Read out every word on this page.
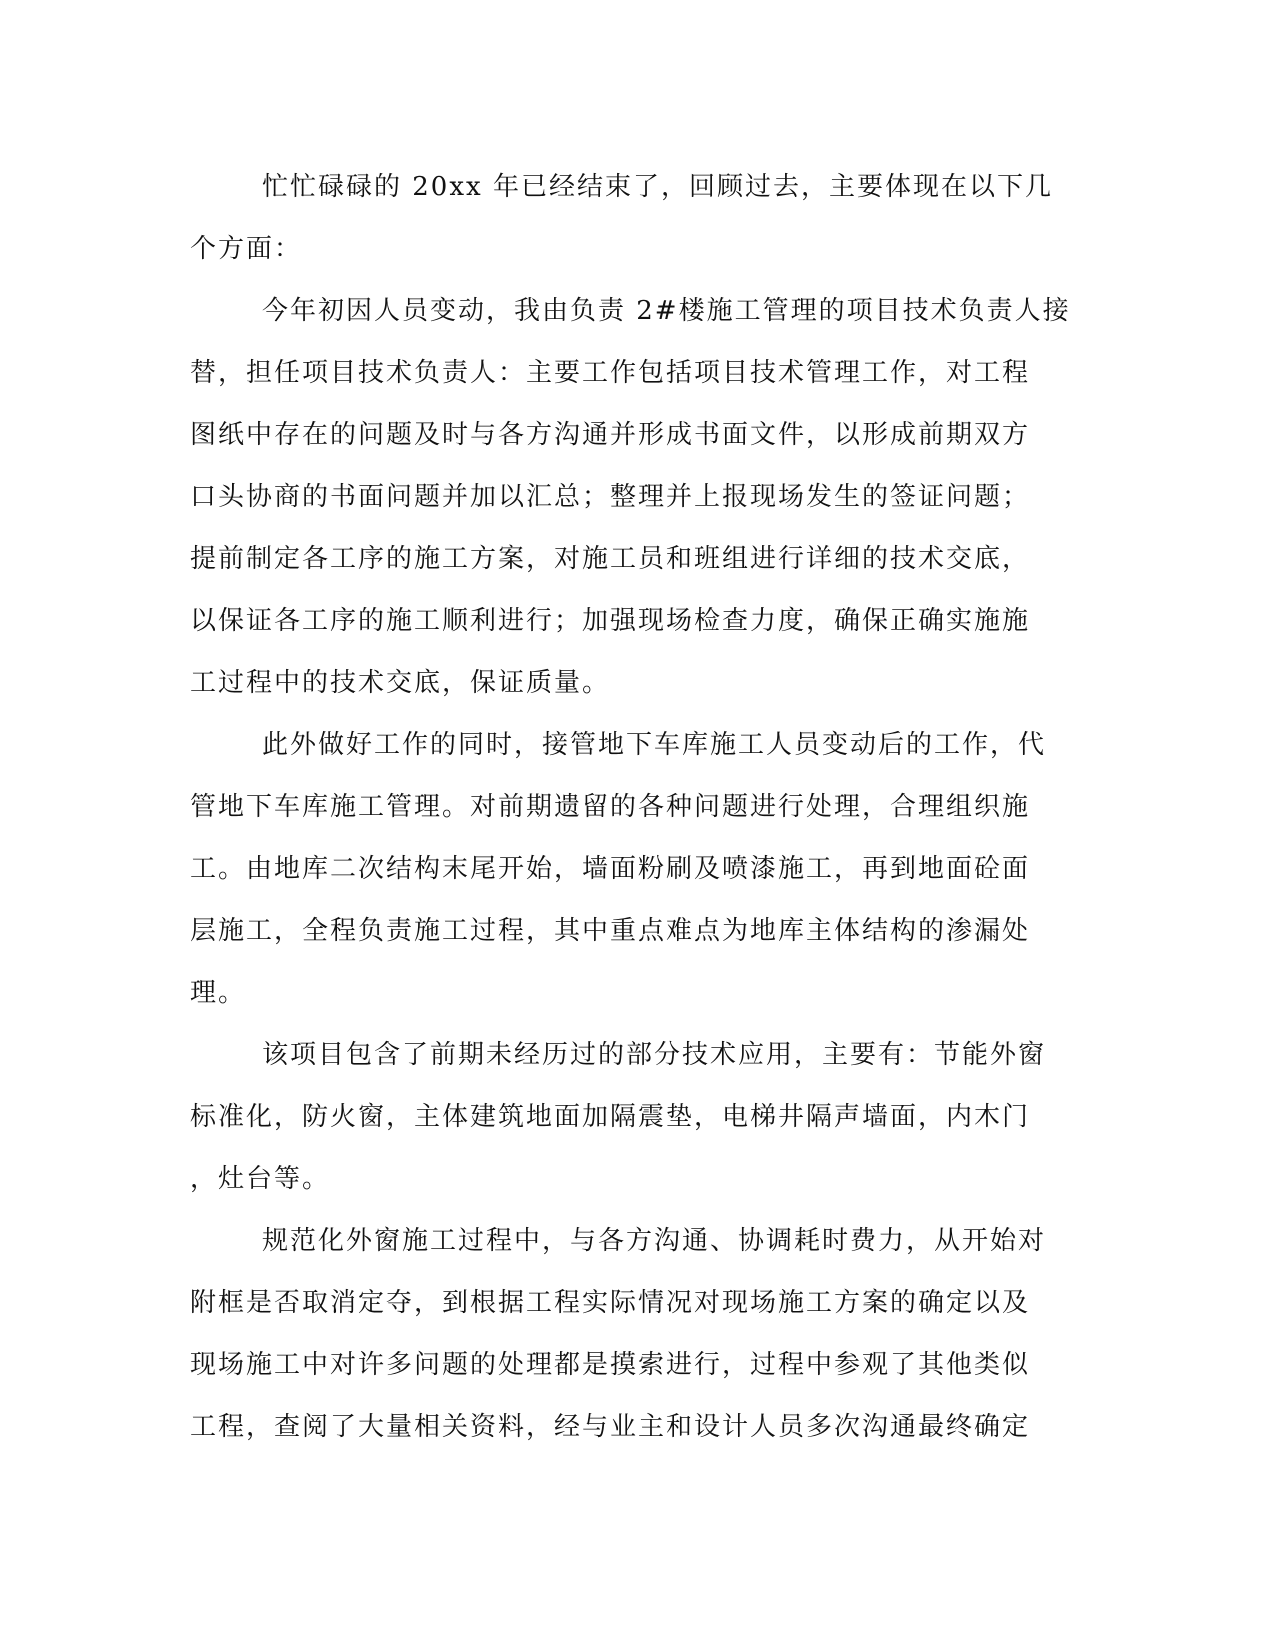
忙忙碌碌的 20xx 年已经结束了，回顾过去，主要体现在以下几
个方面：
今年初因人员变动，我由负责 2#楼施工管理的项目技术负责人接
替，担任项目技术负责人：主要工作包括项目技术管理工作，对工程
图纸中存在的问题及时与各方沟通并形成书面文件，以形成前期双方
口头协商的书面问题并加以汇总；整理并上报现场发生的签证问题；
提前制定各工序的施工方案，对施工员和班组进行详细的技术交底，
以保证各工序的施工顺利进行；加强现场检查力度，确保正确实施施
工过程中的技术交底，保证质量。
此外做好工作的同时，接管地下车库施工人员变动后的工作，代
管地下车库施工管理。对前期遗留的各种问题进行处理，合理组织施
工。由地库二次结构末尾开始，墙面粉刷及喷漆施工，再到地面砼面
层施工，全程负责施工过程，其中重点难点为地库主体结构的渗漏处
理。
该项目包含了前期未经历过的部分技术应用，主要有：节能外窗
标准化，防火窗，主体建筑地面加隔震垫，电梯井隔声墙面，内木门
，灶台等。
规范化外窗施工过程中，与各方沟通、协调耗时费力，从开始对
附框是否取消定夺，到根据工程实际情况对现场施工方案的确定以及
现场施工中对许多问题的处理都是摸索进行，过程中参观了其他类似
工程，查阅了大量相关资料，经与业主和设计人员多次沟通最终确定
